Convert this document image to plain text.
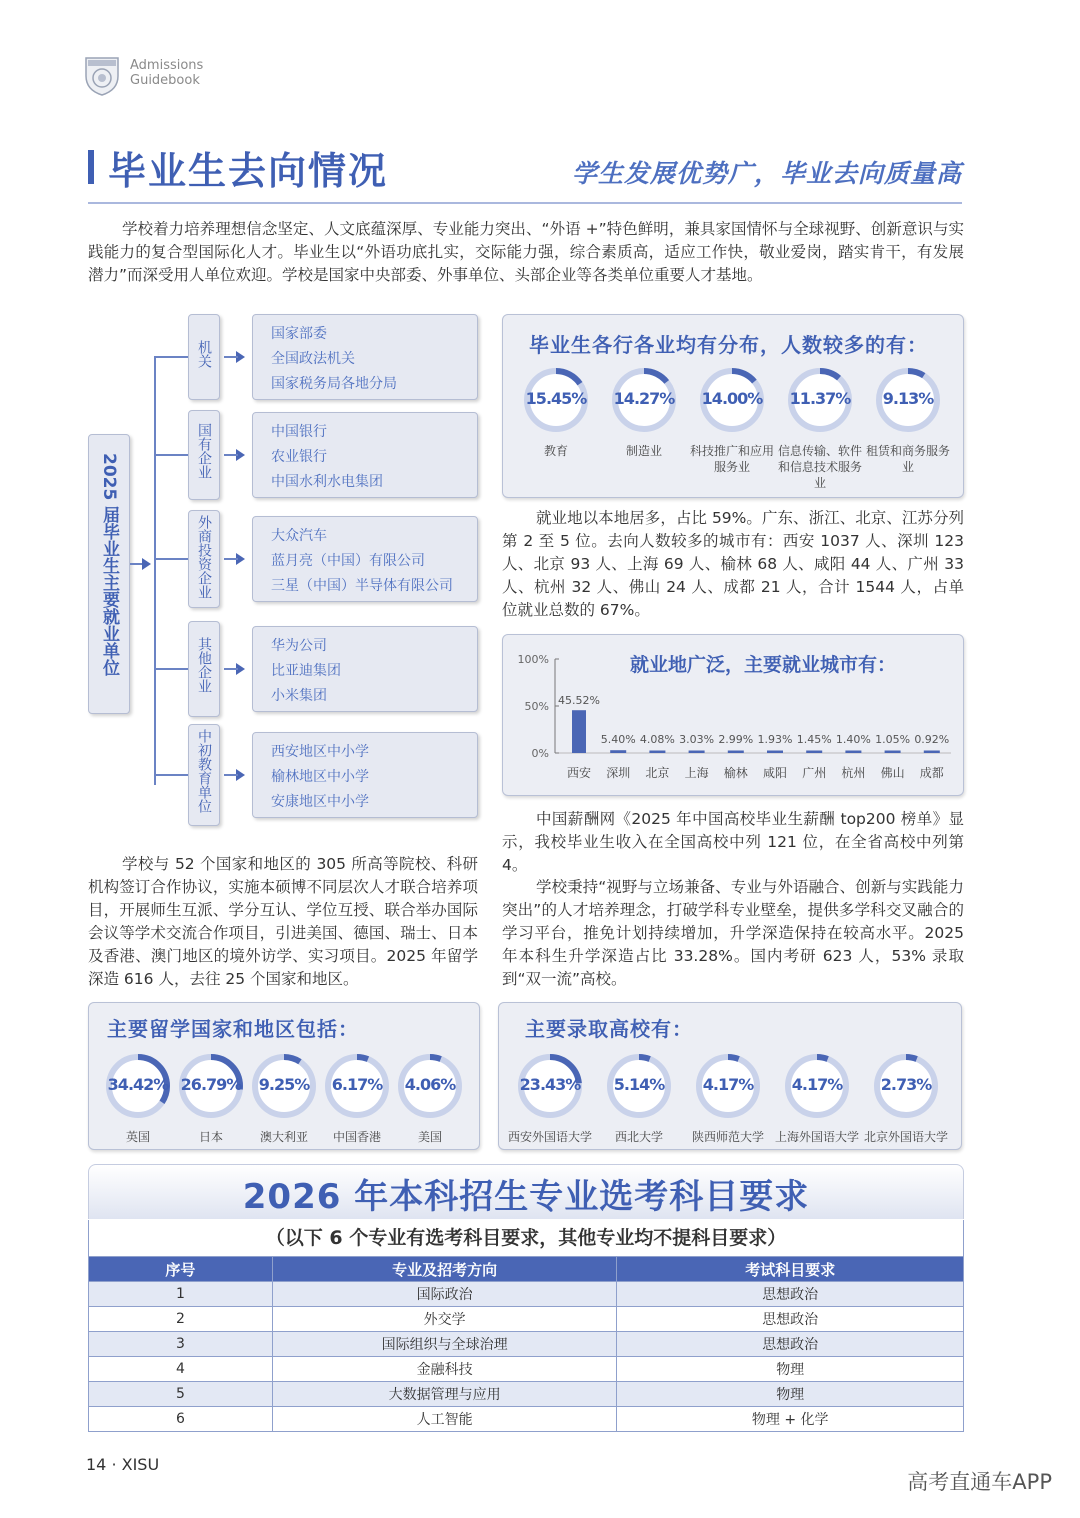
Admissions
Guidebook
毕业生去向情况	学生发展优势广，毕业去向质量高
学校着力培养理想信念坚定、人文底蕴深厚、专业能力突出、“外语 +”特色鲜明，兼具家国情怀与全球视野、创新意识与实践能力的复合型国际化人才。毕业生以“外语功底扎实，交际能力强，综合素质高，适应工作快，敬业爱岗，踏实肯干，有发展潜力”而深受用人单位欢迎。学校是国家中央部委、外事单位、头部企业等各类单位重要人才基地。
2025 届毕业生主要就业单位
机关
国家部委
全国政法机关
国家税务局各地分局
国有企业	中国银行
农业银行
中国水利水电集团
外商投资企业	大众汽车
蓝月亮（中国）有限公司
三星（中国）半导体有限公司
其他企业	华为公司
比亚迪集团
小米集团
中初教育单位	西安地区中小学
榆林地区中小学
安康地区中小学
毕业生各行各业均有分布，人数较多的有：
15.45%
教育
14.27%
制造业
14.00%
科技推广和应用服务业
11.37%
信息传输、软件和信息技术服务业
9.13%
租赁和商务服务业
就业地以本地居多，占比 59%。广东、浙江、北京、江苏分列第 2 至 5 位。去向人数较多的城市有：西安 1037 人、深圳 123 人、北京 93 人、上海 69 人、榆林 68 人、咸阳 44 人、广州 33 人、杭州 32 人、佛山 24 人、成都 21 人，合计 1544 人，占单位就业总数的 67%。
100%
50%
0%
就业地广泛，主要就业城市有：
45.52%
西安
5.40%
深圳
4.08%
北京
3.03%
上海
2.99%
榆林
1.93%
咸阳
1.45%
广州
1.40%
杭州
1.05%
佛山
0.92%
成都
中国薪酬网《2025 年中国高校毕业生薪酬 top200 榜单》显示，我校毕业生收入在全国高校中列 121 位，在全省高校中列第 4。
学校秉持“视野与立场兼备、专业与外语融合、创新与实践能力突出”的人才培养理念，打破学科专业壁垒，提供多学科交叉融合的学习平台，推免计划持续增加，升学深造保持在较高水平。2025 年本科生升学深造占比 33.28%。国内考研 623 人，53% 录取到“双一流”高校。
学校与 52 个国家和地区的 305 所高等院校、科研机构签订合作协议，实施本硕博不同层次人才联合培养项目，开展师生互派、学分互认、学位互授、联合举办国际会议等学术交流合作项目，引进美国、德国、瑞士、日本及香港、澳门地区的境外访学、实习项目。2025 年留学深造 616 人，去往 25 个国家和地区。
主要留学国家和地区包括：
34.42%
英国
26.79%
日本
9.25%
澳大利亚
6.17%
中国香港
4.06%
美国
主要录取高校有：
23.43%
西安外国语大学
5.14%
西北大学
4.17%
陕西师范大学
4.17%
上海外国语大学
2.73%
北京外国语大学
2026 年本科招生专业选考科目要求
（以下 6 个专业有选考科目要求，其他专业均不提科目要求）
序号	专业及招考方向	考试科目要求
1	国际政治	思想政治
2	外交学	思想政治
3	国际组织与全球治理	思想政治
4	金融科技	物理
5	大数据管理与应用	物理
6	人工智能	物理 + 化学
14 · XISU
高考直通车APP
